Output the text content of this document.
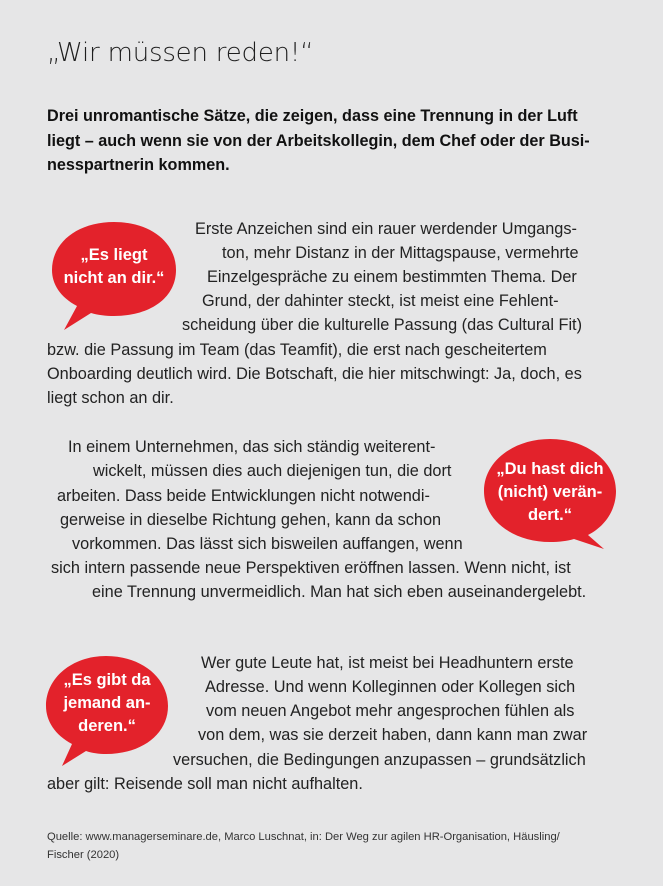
„Wir müssen reden!“

Drei unromantische Sätze, die zeigen, dass eine Trennung in der Luft
liegt – auch wenn sie von der Arbeitskollegin, dem Chef oder der Busi-
nesspartnerin kommen.

„Es liegt
nicht an dir.“
Erste Anzeichen sind ein rauer werdender Umgangs-
ton, mehr Distanz in der Mittagspause, vermehrte
Einzelgespräche zu einem bestimmten Thema. Der
Grund, der dahinter steckt, ist meist eine Fehlent-
scheidung über die kulturelle Passung (das Cultural Fit)
bzw. die Passung im Team (das Teamfit), die erst nach gescheitertem
Onboarding deutlich wird. Die Botschaft, die hier mitschwingt: Ja, doch, es
liegt schon an dir.
„Du hast dich
(nicht) verän-
dert.“
In einem Unternehmen, das sich ständig weiterent-
wickelt, müssen dies auch diejenigen tun, die dort
arbeiten. Dass beide Entwicklungen nicht notwendi-
gerweise in dieselbe Richtung gehen, kann da schon
vorkommen. Das lässt sich bisweilen auffangen, wenn
sich intern passende neue Perspektiven eröffnen lassen. Wenn nicht, ist
eine Trennung unvermeidlich. Man hat sich eben auseinandergelebt.
„Es gibt da
jemand an-
deren.“
Wer gute Leute hat, ist meist bei Headhuntern erste
Adresse. Und wenn Kolleginnen oder Kollegen sich
vom neuen Angebot mehr angesprochen fühlen als
von dem, was sie derzeit haben, dann kann man zwar
versuchen, die Bedingungen anzupassen – grundsätzlich
aber gilt: Reisende soll man nicht aufhalten.

Quelle: www.managerseminare.de, Marco Luschnat, in: Der Weg zur agilen HR-Organisation, Häusling/
Fischer (2020)
